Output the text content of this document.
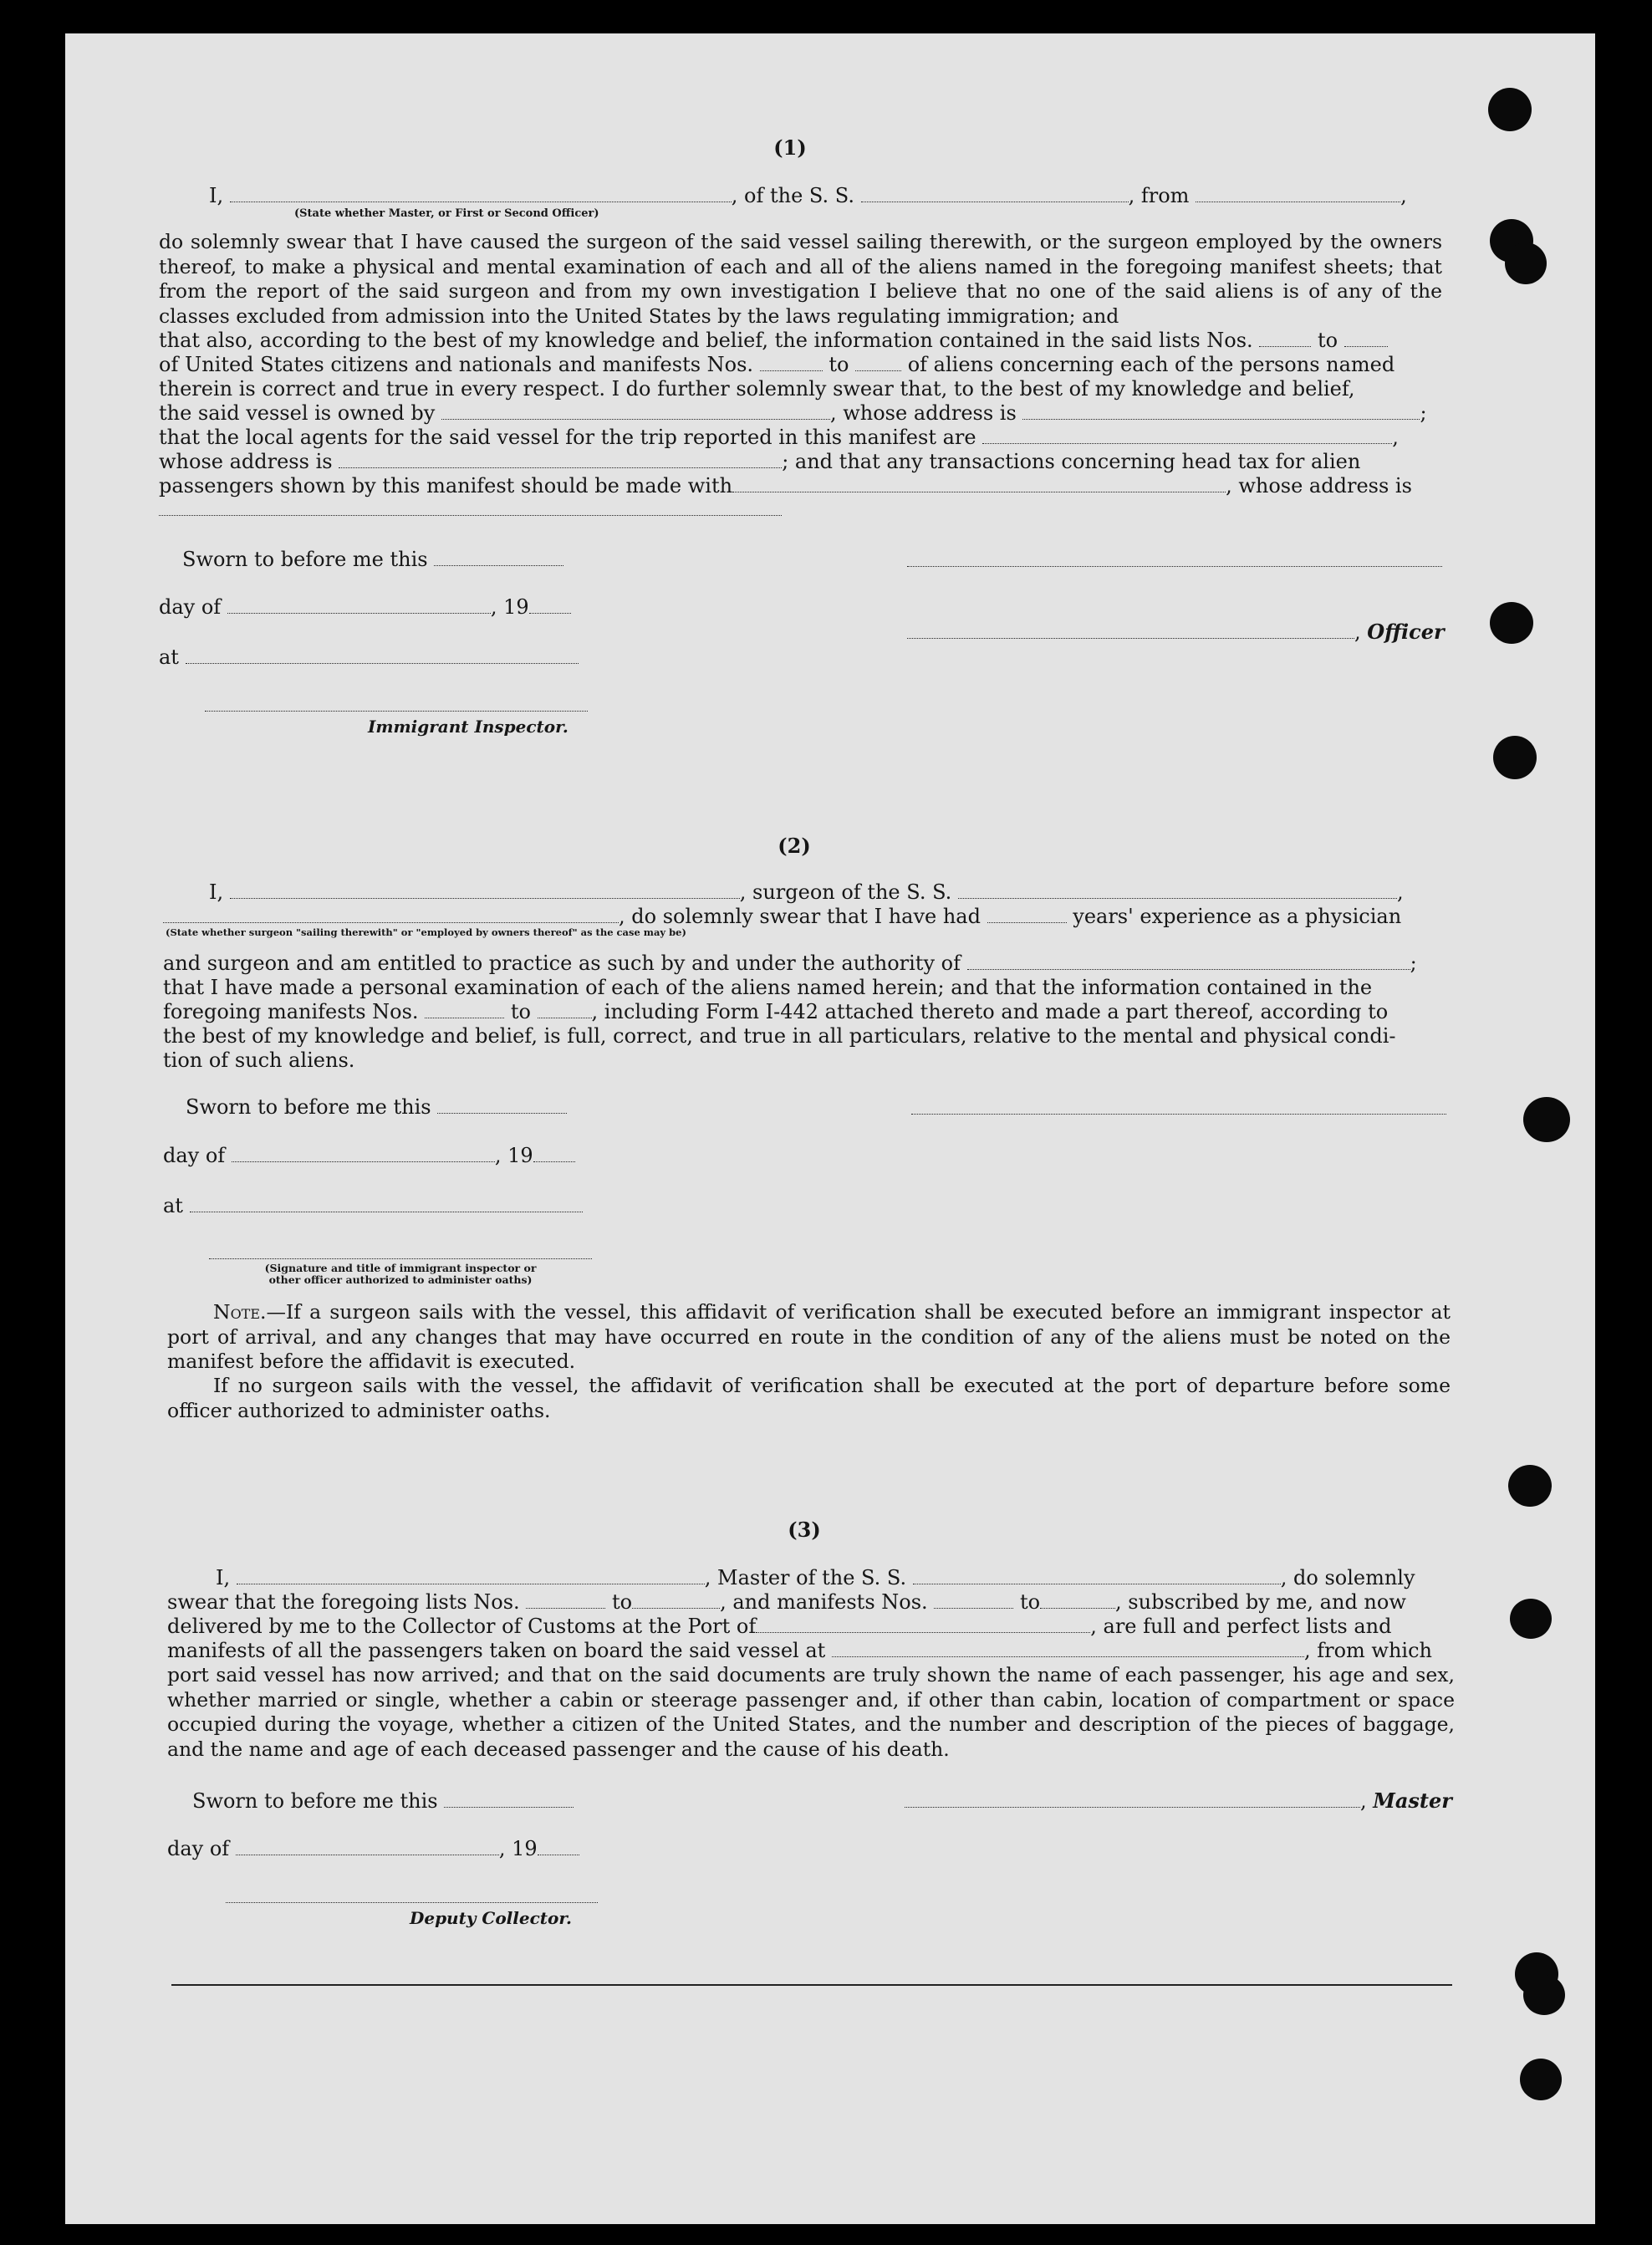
(1)
I,	, of the S. S.	, from	,
(State whether Master, or First or Second Officer)
do solemnly swear that I have caused the surgeon of the said vessel sailing therewith, or the surgeon employed by the owners thereof, to make a physical and mental examination of each and all of the aliens named in the foregoing manifest sheets; that from the report of the said surgeon and from my own investigation I believe that no one of the said aliens is of any of the classes excluded from admission into the United States by the laws regulating immigration; and
that also, according to the best of my knowledge and belief, the information contained in the said lists Nos.	to
of United States citizens and nationals and manifests Nos.	to	of aliens concerning each of the persons named
therein is correct and true in every respect. I do further solemnly swear that, to the best of my knowledge and belief,
the said vessel is owned by	, whose address is	;
that the local agents for the said vessel for the trip reported in this manifest are	,
whose address is	; and that any transactions concerning head tax for alien
passengers shown by this manifest should be made with	, whose address is
Sworn to before me this
day of	, 19
, Officer
at
Immigrant Inspector.
(2)
I,	, surgeon of the S. S.	,
, do solemnly swear that I have had	years' experience as a physician
(State whether surgeon "sailing therewith" or "employed by owners thereof" as the case may be)
and surgeon and am entitled to practice as such by and under the authority of	;
that I have made a personal examination of each of the aliens named herein; and that the information contained in the
foregoing manifests Nos.	to	, including Form I-442 attached thereto and made a part thereof, according to
the best of my knowledge and belief, is full, correct, and true in all particulars, relative to the mental and physical condi-
tion of such aliens.
Sworn to before me this
day of	, 19
at
(Signature and title of immigrant inspector or
other officer authorized to administer oaths)
Note.—If a surgeon sails with the vessel, this affidavit of verification shall be executed before an immigrant inspector at port of arrival, and any changes that may have occurred en route in the condition of any of the aliens must be noted on the manifest before the affidavit is executed.
If no surgeon sails with the vessel, the affidavit of verification shall be executed at the port of departure before some officer authorized to administer oaths.
(3)
I,	, Master of the S. S.	, do solemnly
swear that the foregoing lists Nos.	to	, and manifests Nos.	to	, subscribed by me, and now
delivered by me to the Collector of Customs at the Port of	, are full and perfect lists and
manifests of all the passengers taken on board the said vessel at	, from which
port said vessel has now arrived; and that on the said documents are truly shown the name of each passenger, his age and sex, whether married or single, whether a cabin or steerage passenger and, if other than cabin, location of compartment or space occupied during the voyage, whether a citizen of the United States, and the number and description of the pieces of baggage, and the name and age of each deceased passenger and the cause of his death.
Sworn to before me this	, Master
day of	, 19
Deputy Collector.
